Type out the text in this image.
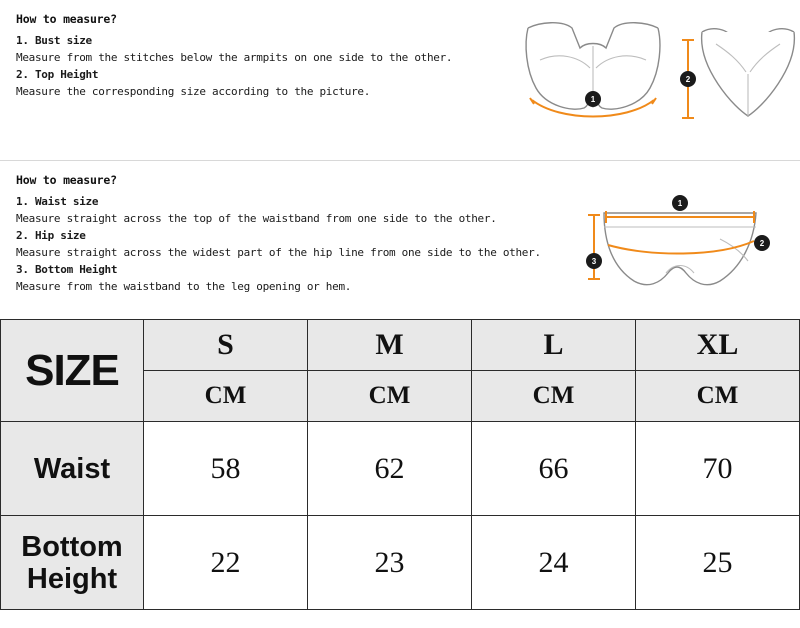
How to measure?
1. Bust size
Measure from the stitches below the armpits on one side to the other.
2. Top Height
Measure the corresponding size according to the picture.
1
2
How to measure?
1. Waist size
Measure straight across the top of the waistband from one side to the other.
2. Hip size
Measure straight across the widest part of the hip line from one side to the other.
3. Bottom Height
Measure from the waistband to the leg opening or hem.
1
2
3
SIZE	S	M	L	XL
	CM	CM	CM	CM
Waist	58	62	66	70

Bottom
Height	22	23	24	25
